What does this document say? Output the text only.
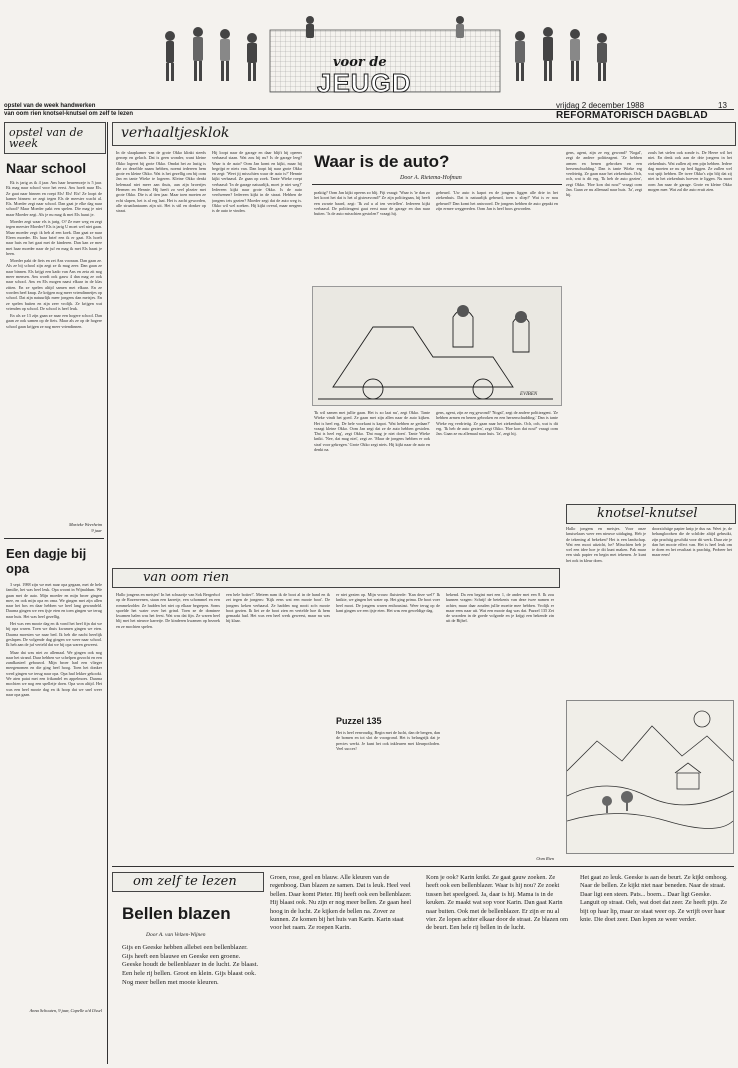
voor de
JEUGD
opstel van de week handwerken
van oom rien knotsel-knutsel om zelf te lezen
vrijdag 2 december 1988	13
REFORMATORISCH DAGBLAD
opstel van de week
Naar school

Ek is jarig as ik 4 jaar. Ans haar heuremorje is 5 jaar. Ek mag naar school voor het eerst. Ans hoeft naar Els. Ze gaat naar binnen en roept Els! Els! Els! Ze loopt de kamer binnen: ze zegt tegen Els de meester wacht al. Els. Moeder zegt naar school. Dan gaat je elke dag naar school? Maar Moeder pakt een spelen. Die mag je niet maar Moeder zegt. Als je nu mag ik met Els haast je.

Moeder zegt waar els is jarig. O? Ze mee weg en zegt tegen meester Moeder? Els is jarig U moet wel niet gaan. Maar moeder zegt: ik heb al een koek. Dan gaat ze naar Eleen moeder. Els haar brief een ik er gaat. Els hoeft naar huis en het gaat met de kinderen. Dan kan ze mee met haar moeder naar de juf en mag ik met Els haast je heen.

Moeder pakt de fiets en zet Ans vooraan. Dan gaan ze. Als ze bij school zijn zegt ze ik mag zeer. Dan gaan ze naar binnen. Els krijgt een kado van Ans en zeta zit nog meer mensen. Ans wordt ook gauw 4 dan mag ze ook naar school. Ans en Els mogen naast elkaar in de klas zitten. En ze spelen altijd samen met elkaar. En ze worden heel knap. Ze krijgen nog meer vriendinnetjes op school. Dat zijn natuurlijk meer jongens dan meisjes. En ze spelen buiten en zijn zeer vrolijk. Ze krijgen wat vrienden op school. De school is heel leuk.

En als ze 13 zijn gaan ze naar een hogere school. Dan gaan ze ook samen op de fiets. Maar als ze op de hogere school gaan krijgen ze nog meer vriendinnen.

Marieke Weerheim
9 jaar
Een dagje bij opa

3 sept. 1988 zijn we met naar opa gegaan, met de hele familie, het was heel leuk. Opa woont in Wijnaldum. We gaan met de auto. Mijn moeder en mijn broer gingen mee, en ook mijn opa en oma. We gingen met zijn allen naar het bos en daar hebben we heel lang gewandeld. Daarna gingen we een ijsje eten en toen gingen we terug naar huis. Het was heel gezellig.

Het was een mooie dag en ik vond het heel fijn dat we bij opa waren. Toen we thuis kwamen gingen we eten. Daarna moesten we naar bed. Ik heb die nacht heerlijk geslapen. De volgende dag gingen we weer naar school. Ik heb aan de juf verteld dat we bij opa waren geweest.

Maar dat was niet zo allemaal. We gingen ook nog naar het strand. Daar hebben we schelpen gezocht en een zandkasteel gebouwd. Mijn broer had een vlieger meegenomen en die ging heel hoog. Toen het donker werd gingen we terug naar opa. Opa had lekker gekookt. We aten patat met een frikandel en appelmoes. Daarna mochten we nog een spelletje doen. Opa won altijd. Het was een heel mooie dag en ik hoop dat we snel weer naar opa gaan.

Anna Schouten, 9 jaar, Capelle a/d IJssel
verhaaltjesklok
In de slaapkamer van de grote Okko klinkt steeds geroep en gelach. Dat is geen wonder, want kleine Okko logeert bij grote Okko. Omdat het zo lastig is die zo dezelfde naam hebben, noemt iedereen hem grote en kleine Okko. Wat is het gezellig om bij oom Jan en tante Wieke te logeren. Kleine Okko denkt helemaal niet meer aan thuis, aan zijn broertjes Hermen en Hennie. Hij heeft zo veel plezier met grote Okko. Die is al tien jaar. Maar toen moeten ze echt slapen, het is al erg laat. Het is zacht geworden, alle straatlantaarns zijn uit. Het is stil en donker op straat.
Hij loopt naar de garage en daar blijft hij opeens verbaasd staan. Wat zou hij nu? Is de garage leeg? Waar is de auto? Oom Jan komt en kijkt, maar hij begrijpt er niets van. Dan loopt hij naar grote Okko en zegt: 'Weet jij misschien waar de auto is?' Hennie kijkt verbaasd. Ze gaan op zoek. Tante Wieke roept verbaasd: 'In de garage natuurlijk, moet je niet weg?' Iedereen kijkt naar grote Okko. Is de auto verdwenen? Iedereen kijkt in de straat. Hebben de jongens iets gezien? Moeder zegt dat de auto weg is. Okko wil wel zoeken. Hij kijkt overal, maar nergens is de auto te vinden.
Waar is de auto?
Door A. Rietema-Hofman
praktig? Oom Jan kijkt opeens zo blij. Fiji vraagt: 'Waar is 'ie dan zo het koort het dat is het al gisteravond?' Ze zijn politiegaan, hij heeft een zwarte baard, zegt: 'Ik zal u al ten vertellen'. Iedereen kijkt verbaasd. De politieagent gaat eerst naar de garage en dan naar buiten. 'Is de auto misschien gestolen?' vraagt hij.
gebeurd. 'Uw auto is kapot en de jongens liggen alle drie in het ziekenhuis. Dat is natuurlijk gebeurd, toen u sliep?' Wat is er nou gebeurd? Dan komt het antwoord. De jongens hebben de auto gepakt en zijn ermee weggereden. Oom Jan is heel boos geworden.
EVIBEN
'Ik wil samen met jullie gaan. Het is zo laat nu', zegt Okko. Tante Wieke vindt het goed. Ze gaan met zijn allen naar de auto kijken. Het is heel erg. De hele voorkant is kapot. 'Wat hebben ze gedaan?' vraagt kleine Okko. Oom Jan zegt dat ze de auto hebben gestolen. 'Dat is heel erg', zegt Okko. 'Dat mag je niet doen'. Tante Wieke knikt. 'Nee, dat mag niet', zegt ze. 'Maar de jongens hebben er ook straf voor gekregen.' Grote Okko zegt niets. Hij kijkt naar de auto en denkt na.
gens, agent, zijn ze erg gewond? 'Nogal', zegt de andere politieagent. 'Ze hebben armen en benen gebroken en een hersenschudding.' Dan is tante Wieke erg verdrietig. Ze gaan naar het ziekenhuis. Och, och, wat is dit erg. 'Ik heb de auto gezien', zegt Okko. 'Hoe kon dat nou?' vraagt oom Jan. Gaan ze nu allemaal naar huis. 'Ja', zegt hij.
gens, agent, zijn ze erg gewond? 'Nogal', zegt de andere politieagent. 'Ze hebben armen en benen gebroken en een hersenschudding.' Dan is tante Wieke erg verdrietig. Ze gaan naar het ziekenhuis. Och, och, wat is dit erg. 'Ik heb de auto gezien', zegt Okko. 'Hoe kon dat nou?' vraagt oom Jan. Gaan ze nu allemaal naar huis. 'Ja', zegt hij.
zouls het stelen ook zonde is. De Heere wil het niet. En denk ook aan de drie jongens in het ziekenhuis. Wat zullen zij een pijn hebben. Iedere dag moeten ze nu op bed liggen. Ze zullen wel wat spijt hebben. De twee Okko's zijn blij dat zij niet in het ziekenhuis hoeven te liggen. Nu moet oom Jan naar de garage. Grote en kleine Okko mogen mee. Wat zal die auto eruit zien.
knotsel-knutsel
Hallo jongens en meisjes. Voor onze knutselaars weer een nieuwe uitdaging. Heb je de tekening al bekeken? Het is een landschap. Wat een mooi uitzicht, he? Misschien heb je wel een idee hoe je dit kunt maken. Pak maar een stuk papier en begin met tekenen. Je kunt het ook in kleur doen.
doorzichtige papier knip je dus na. Weet je, de behangloodsen die de schilder altijd gebruikt, zijn prachtig geschikt voor dit werk. Daar zie je dan het mooie effect van. Het is heel leuk om te doen en het resultaat is prachtig. Probeer het maar eens!
van oom rien
Hallo jongens en meisjes! In het schuurtje van Sok Bergerhof op de Rozenvenen, staan een karretje, een schommel en een rommelzolder. Ze hadden het niet op elkaar begrepen. Soms spoelde het water over het grind. Toen ze de dominee kwamen halen was het feest. Wat was dat fijn. Ze waren heel blij met het nieuwe karretje. De kinderen kwamen op bezoek en ze mochten spelen.
een hele botter!'. Meteen nam ik de boot al in de hand en ik zei tegen de jongens: 'Kijk eens wat een mooie boot'. De jongens keken verbaasd. Ze hadden nog nooit zo'n mooie boot gezien. Ik liet ze de boot zien en vertelde hoe ik hem gemaakt had. Het was een heel werk geweest, maar nu was hij klaar.
er niet gezien op. Mijn vrouw fluisterde: 'Kan deze wel?' Ik knikte, we gingen het water op. Het ging prima. De boot voer heel mooi. De jongens waren enthousiast. Weer terug op de kant gingen we een ijsje eten. Het was een geweldige dag.
Puzzel 135
Het is heel eenvoudig. Begin met de lucht, dan de bergen, dan de bomen en tot slot de voorgrond. Het is belangrijk dat je precies werkt. Je kunt het ook inkleuren met kleurpotloden. Veel succes!
bekend. Da een begint met een 1, de ander met een 8. Ik zou kunnen vragen: Schrijf de betekenis van deze twee namen er achter, maar daar zouden jullie moeite mee hebben. Vrolijk er maar eens naar uit. Wat een mooie dag was dat. Puzzel 135 Zet de woorden in de goede volgorde en je krijgt een bekende zin uit de Bijbel.
Oom Rien
om zelf te lezen
Bellen blazen
Door A. van Velzen-Wijnen
Gijs en Geeske hebben allebei een bellenblazer. Gijs heeft een blauwe en Geeske een groene. Geeske houdt de bellenblazer in de lucht. Ze blaast. Een hele rij bellen. Groot en klein. Gijs blaast ook. Nog meer bellen met mooie kleuren.
Groen, rose, geel en blauw. Alle kleuren van de regenboog. Dan blazen ze samen. Dat is leuk. Heel veel bellen. Daar komt Pieter. Hij heeft ook een bellenblazer. Hij blaast ook. Nu zijn er nog meer bellen. Ze gaan heel hoog in de lucht. Ze kijken de bellen na. Zover ze kunnen. Ze komen bij het huis van Karin. Karin staat voor het raam. Ze roepen Karin.
Kom je ook? Karin knikt. Ze gaat gauw zoeken. Ze heeft ook een bellenblazer. Waar is hij nou? Ze zoekt tussen het speelgoed. Ja, daar is hij. Mama is in de keuken. Ze maakt wat sop voor Karin. Dan gaat Karin naar buiten. Ook met de bellenblazer. Er zijn er nu al vier. Ze lopen achter elkaar door de straat. Ze blazen om de beurt. Een hele rij bellen in de lucht.
Het gaat zo leuk. Geeske is aan de beurt. Ze kijkt omhoog. Naar de bellen. Ze kijkt niet naar beneden. Naar de straat. Daar ligt een steen. Pats... boem... Daar ligt Geeske. Languit op straat. Oeh, wat doet dat zeer. Ze heeft pijn. Ze bijt op haar lip, maar ze staat weer op. Ze wrijft over haar knie. Die doet zeer. Dan lopen ze weer verder.
